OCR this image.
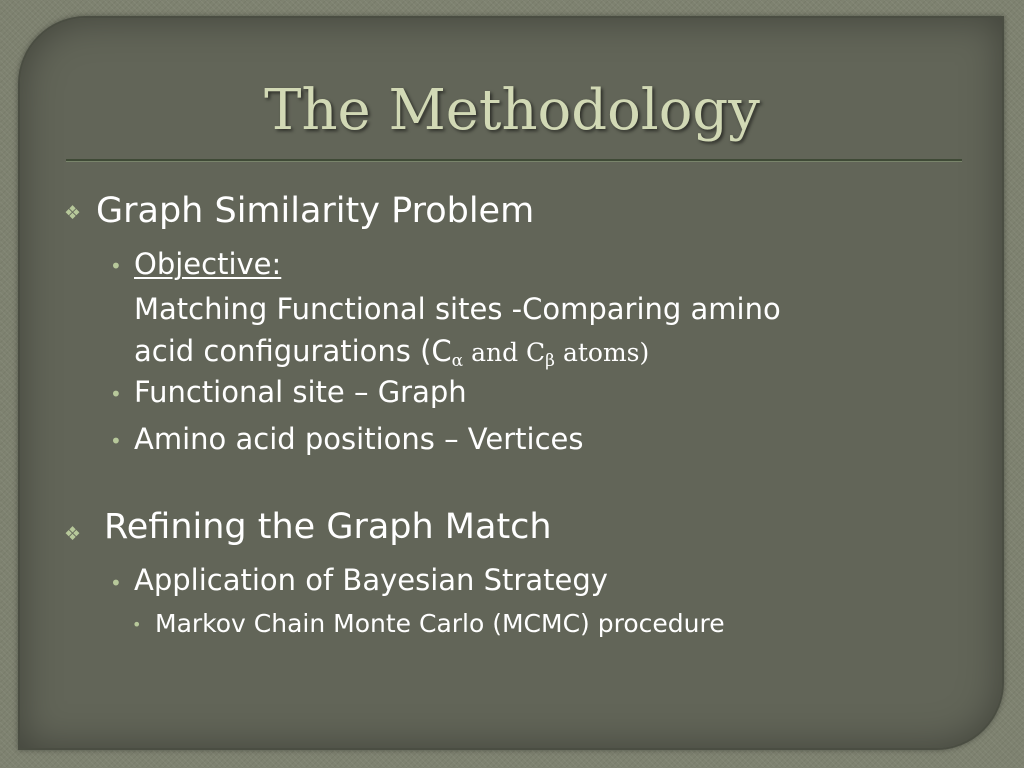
The Methodology
❖ Graph Similarity Problem
• Objective:
Matching Functional sites -Comparing amino
acid configurations ($C_\alpha$ and $C_\beta$ atoms)
• Functional site – Graph
• Amino acid positions – Vertices
❖ Refining the Graph Match
• Application of Bayesian Strategy
• Markov Chain Monte Carlo (MCMC) procedure
